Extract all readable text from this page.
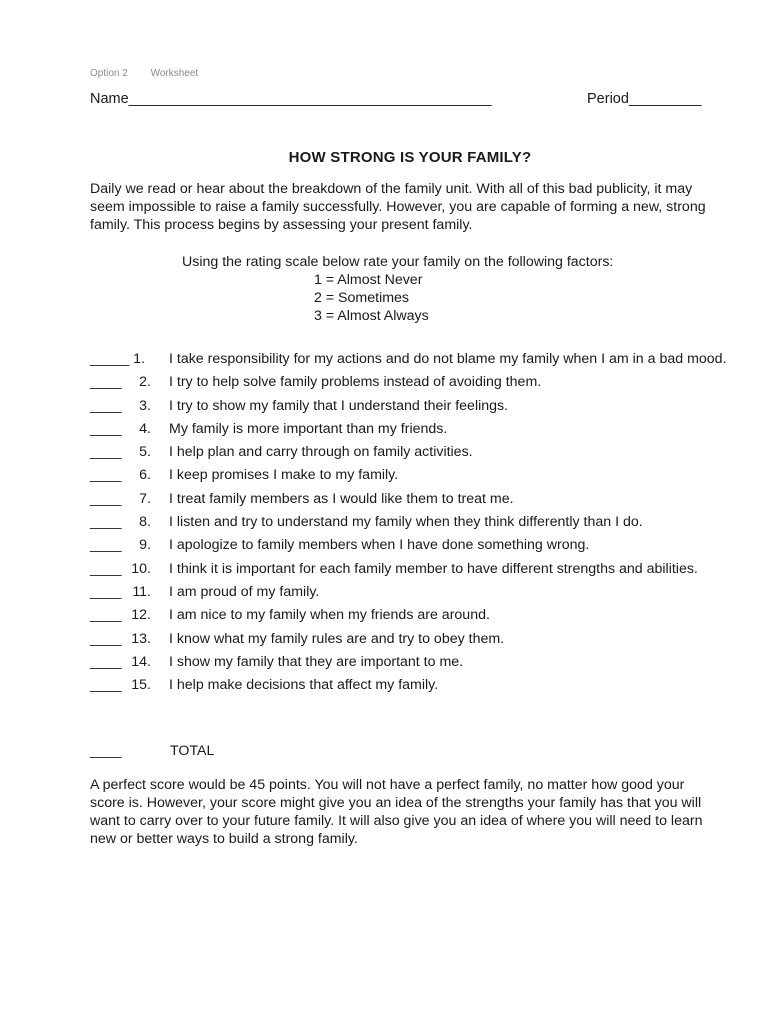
Option 2 Worksheet
Name_____________________________________________	Period_________
HOW STRONG IS YOUR FAMILY?
Daily we read or hear about the breakdown of the family unit. With all of this bad publicity, it may seem impossible to raise a family successfully. However, you are capable of forming a new, strong family. This process begins by assessing your present family.
Using the rating scale below rate your family on the following factors:
1 = Almost Never
2 = Sometimes
3 = Almost Always
_____ 1.	I take responsibility for my actions and do not blame my family when I am in a bad mood.
____	2.	I try to help solve family problems instead of avoiding them.
____	3.	I try to show my family that I understand their feelings.
____	4.	My family is more important than my friends.
____	5.	I help plan and carry through on family activities.
____	6.	I keep promises I make to my family.
____	7.	I treat family members as I would like them to treat me.
____	8.	I listen and try to understand my family when they think differently than I do.
____	9.	I apologize to family members when I have done something wrong.
____ 10.	I think it is important for each family member to have different strengths and abilities.
____ 11.	I am proud of my family.
____ 12.	I am nice to my family when my friends are around.
____ 13.	I know what my family rules are and try to obey them.
____ 14.	I show my family that they are important to me.
____ 15.	I help make decisions that affect my family.
____	TOTAL
A perfect score would be 45 points. You will not have a perfect family, no matter how good your score is. However, your score might give you an idea of the strengths your family has that you will want to carry over to your future family. It will also give you an idea of where you will need to learn new or better ways to build a strong family.
